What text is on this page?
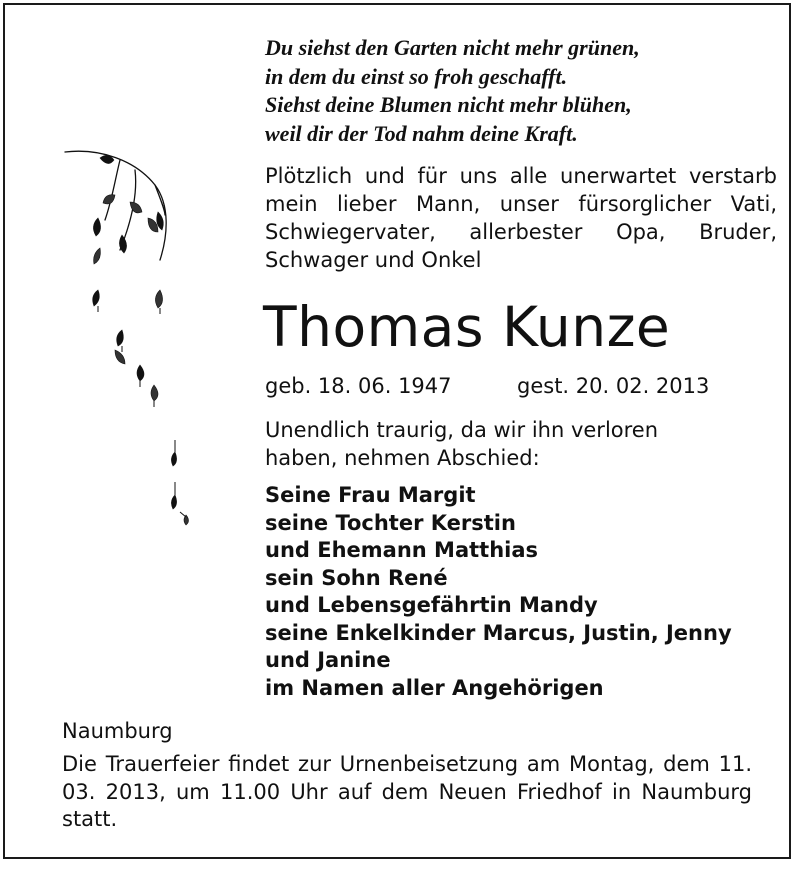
Du siehst den Garten nicht mehr grünen,
in dem du einst so froh geschafft.
Siehst deine Blumen nicht mehr blühen,
weil dir der Tod nahm deine Kraft.
Plötzlich und für uns alle unerwartet verstarb mein lieber Mann, unser fürsorglicher Vati, Schwiegervater, allerbester Opa, Bruder, Schwager und Onkel
Thomas Kunze
geb. 18. 06. 1947	gest. 20. 02. 2013
Unendlich traurig, da wir ihn verloren haben, nehmen Abschied:
Seine Frau Margit
seine Tochter Kerstin
und Ehemann Matthias
sein Sohn René
und Lebensgefährtin Mandy
seine Enkelkinder Marcus, Justin, Jenny
und Janine
im Namen aller Angehörigen
Naumburg
Die Trauerfeier findet zur Urnenbeisetzung am Montag, dem 11. 03. 2013, um 11.00 Uhr auf dem Neuen Friedhof in Naumburg statt.
